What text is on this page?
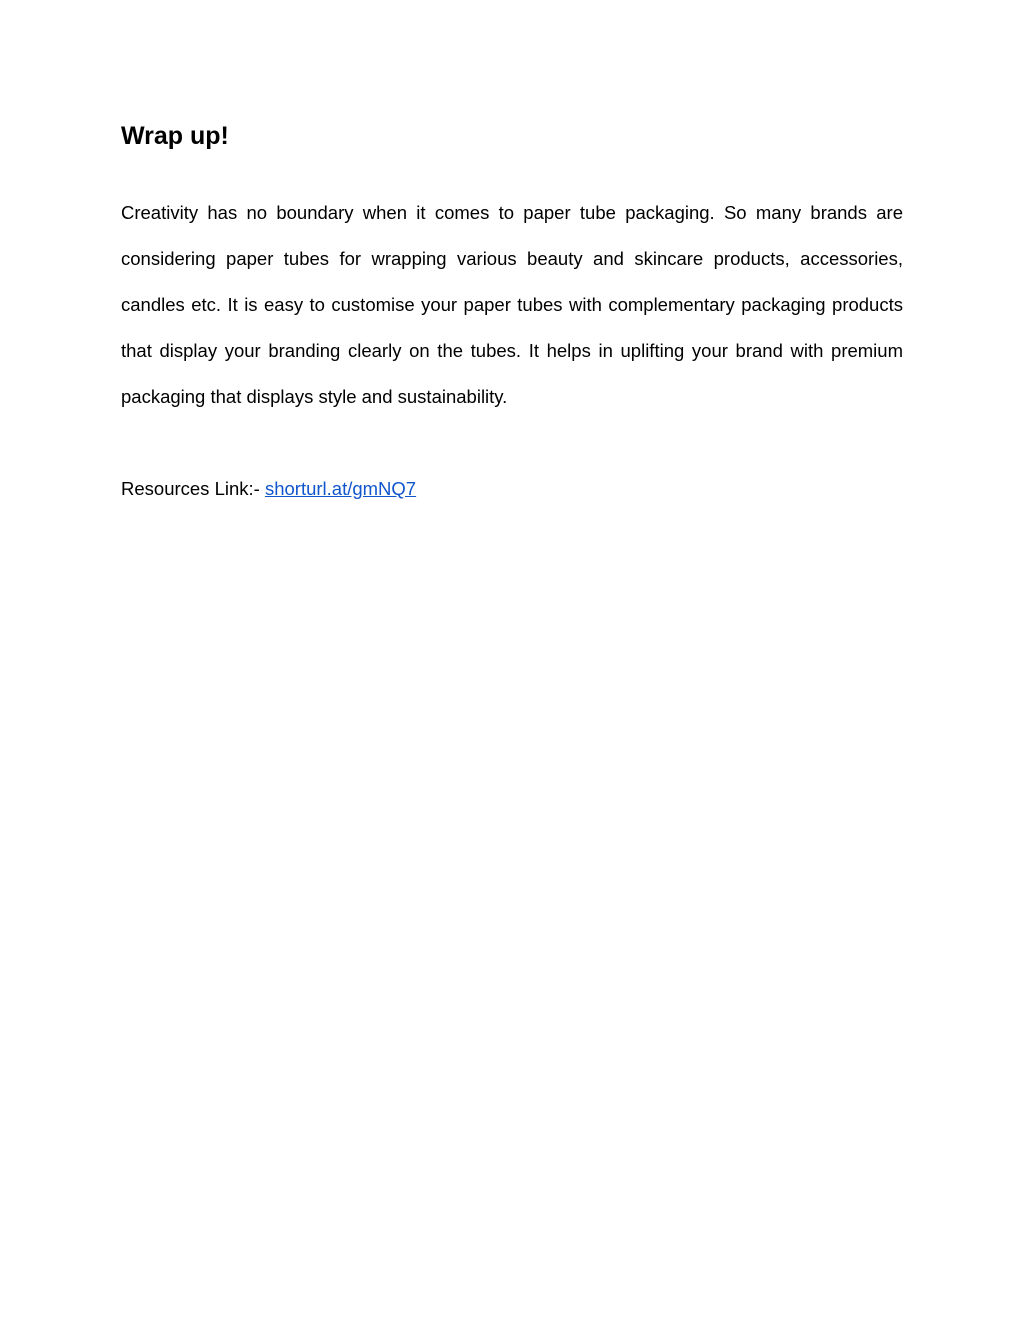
Wrap up!

Creativity has no boundary when it comes to paper tube packaging. So many brands are considering paper tubes for wrapping various beauty and skincare products, accessories, candles etc. It is easy to customise your paper tubes with complementary packaging products that display your branding clearly on the tubes. It helps in uplifting your brand with premium packaging that displays style and sustainability.

Resources Link:- shorturl.at/gmNQ7
